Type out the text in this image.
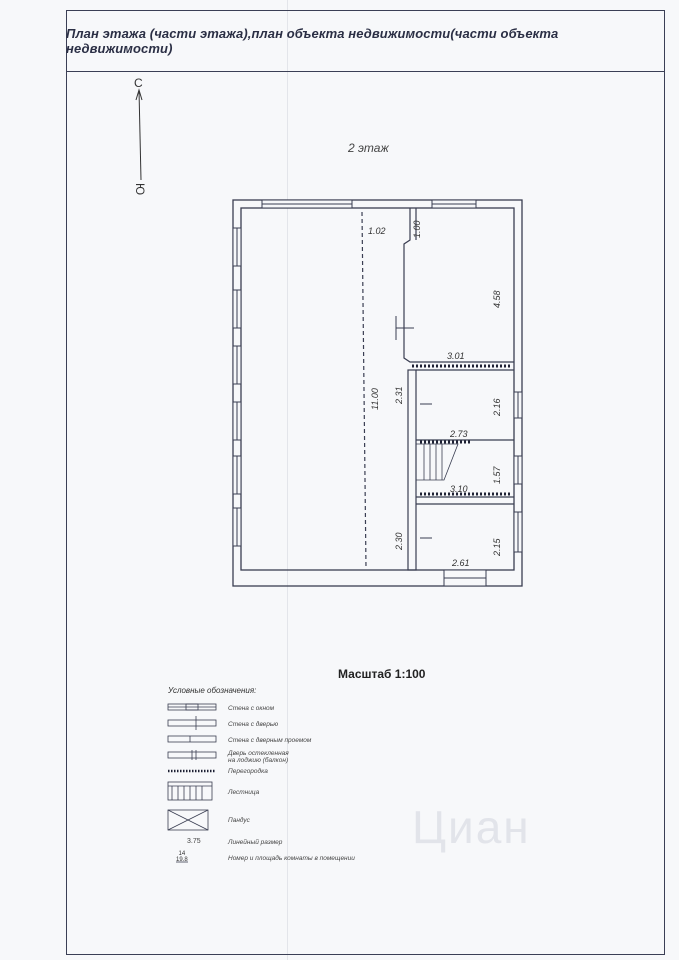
План этажа (части этажа),план объекта недвижимости(части объекта недвижимости)
С
Ю
2 этаж
1.02	1.00
4.58
11.00
3.01
2.31
2.16
2.73
1.57
3.10
2.30	2.15
2.61
Масштаб 1:100
Условные обозначения:
Стена с окном
Стена с дверью
Стена с дверным проемом
Дверь остекленная
на лоджию (балкон)
Перегородка
Лестница
Пандус
3.75	Линейный размер
14
19.8	Номер и площадь комнаты в помещении
Циан
